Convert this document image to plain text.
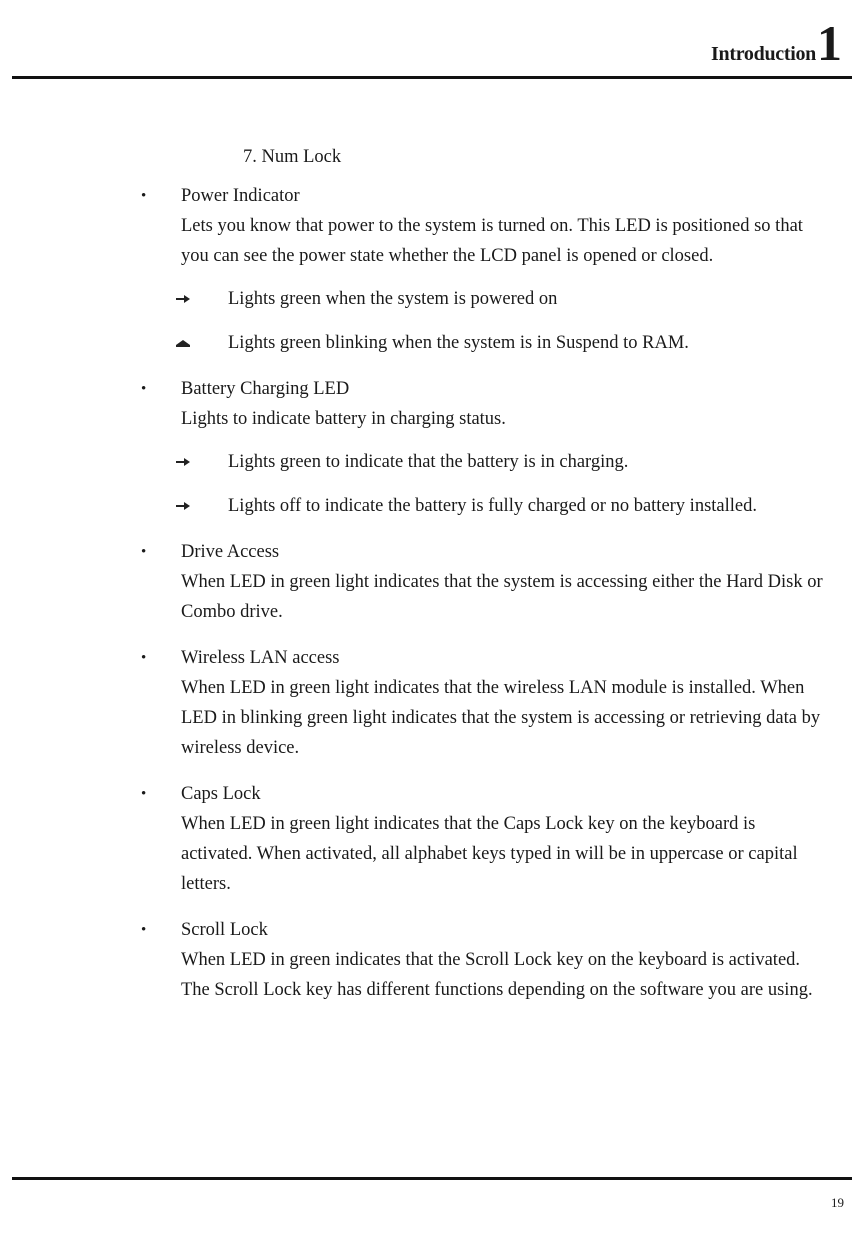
Introduction 1
7. Num Lock
• Power Indicator
Lets you know that power to the system is turned on. This LED is positioned so that you can see the power state whether the LCD panel is opened or closed.
Lights green when the system is powered on
Lights green blinking when the system is in Suspend to RAM.
• Battery Charging LED
Lights to indicate battery in charging status.
Lights green to indicate that the battery is in charging.
Lights off to indicate the battery is fully charged or no battery installed.
• Drive Access
When LED in green light indicates that the system is accessing either the Hard Disk or Combo drive.
• Wireless LAN access
When LED in green light indicates that the wireless LAN module is installed. When LED in blinking green light indicates that the system is accessing or retrieving data by wireless device.
• Caps Lock
When LED in green light indicates that the Caps Lock key on the keyboard is activated. When activated, all alphabet keys typed in will be in uppercase or capital letters.
• Scroll Lock
When LED in green indicates that the Scroll Lock key on the keyboard is activated. The Scroll Lock key has different functions depending on the software you are using.
19
